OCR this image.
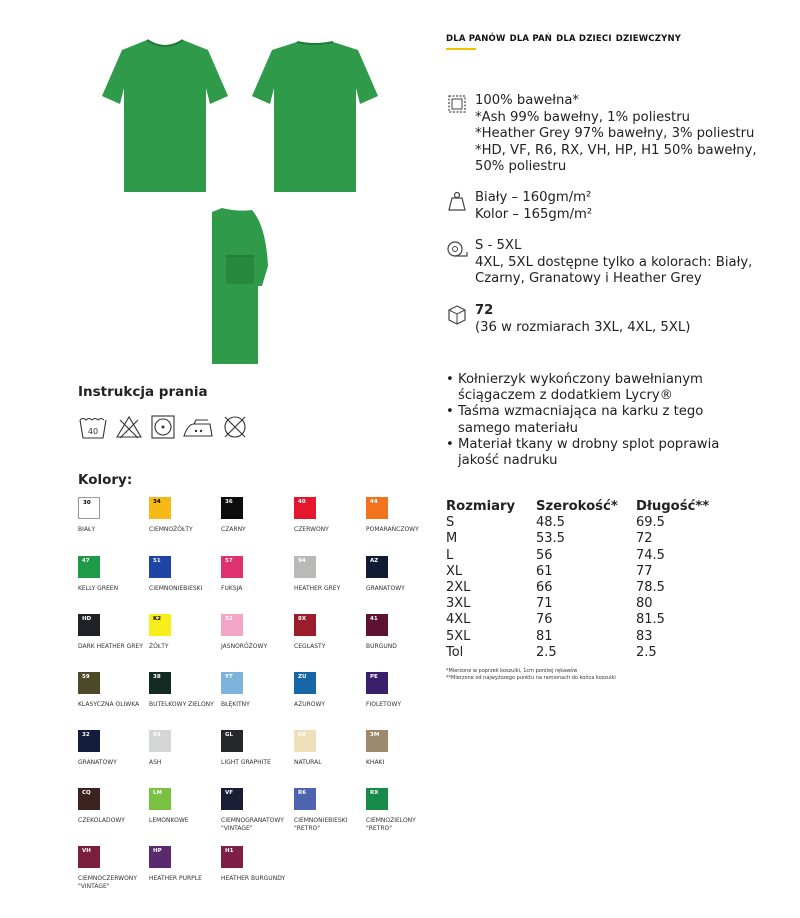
DLA PANÓW DLA PAŃ DLA DZIECI DZIEWCZYNY
100% bawełna*
*Ash 99% bawełny, 1% poliestru
*Heather Grey 97% bawełny, 3% poliestru
*HD, VF, R6, RX, VH, HP, H1 50% bawełny,
50% poliestru
Biały – 160gm/m²
Kolor – 165gm/m²
S - 5XL
4XL, 5XL dostępne tylko a kolorach: Biały,
Czarny, Granatowy i Heather Grey
72
(36 w rozmiarach 3XL, 4XL, 5XL)
• Kołnierzyk wykończony bawełnianym
ściągaczem z dodatkiem Lycry®
• Taśma wzmacniająca na karku z tego
samego materiału
• Materiał tkany w drobny splot poprawia
jakość nadruku
Rozmiary	Szerokość*	Długość**
S	48.5	69.5
M	53.5	72
L	56	74.5
XL	61	77
2XL	66	78.5
3XL	71	80
4XL	76	81.5
5XL	81	83
Tol	2.5	2.5
*Mierzone w poprzek koszulki, 1cm poniżej rękawów
**Mierzone od najwyższego punktu na ramionach do końca koszulki
Instrukcja prania
40
Kolory:
30
BIAŁY
34
CIEMNOŻÓŁTY
36
CZARNY
40
CZERWONY
44
POMARAŃCZOWY
47
KELLY GREEN
51
CIEMNONIEBIESKI
57
FUKSJA
94
HEATHER GREY
AZ
GRANATOWY
HD
DARK HEATHER GREY
K2
ŻÓŁTY
52
JASNORÓŻOWY
8X
CEGLASTY
41
BURGUND
59
KLASYCZNA OLIWKA
38
BUTELKOWY ZIELONY
YT
BŁĘKITNY
ZU
AZUROWY
PE
FIOLETOWY
32
GRANATOWY
93
ASH
GL
LIGHT GRAPHITE
60
NATURAL
3M
KHAKI
CQ
CZEKOLADOWY
LM
LEMONKOWE
VF
CIEMNOGRANATOWY "VINTAGE"
R6
CIEMNONIEBIESKI "RETRO"
RX
CIEMNOZIELONY "RETRO"
VH
CIEMNOCZERWONY "VINTAGE"
HP
HEATHER PURPLE
H1
HEATHER BURGUNDY
